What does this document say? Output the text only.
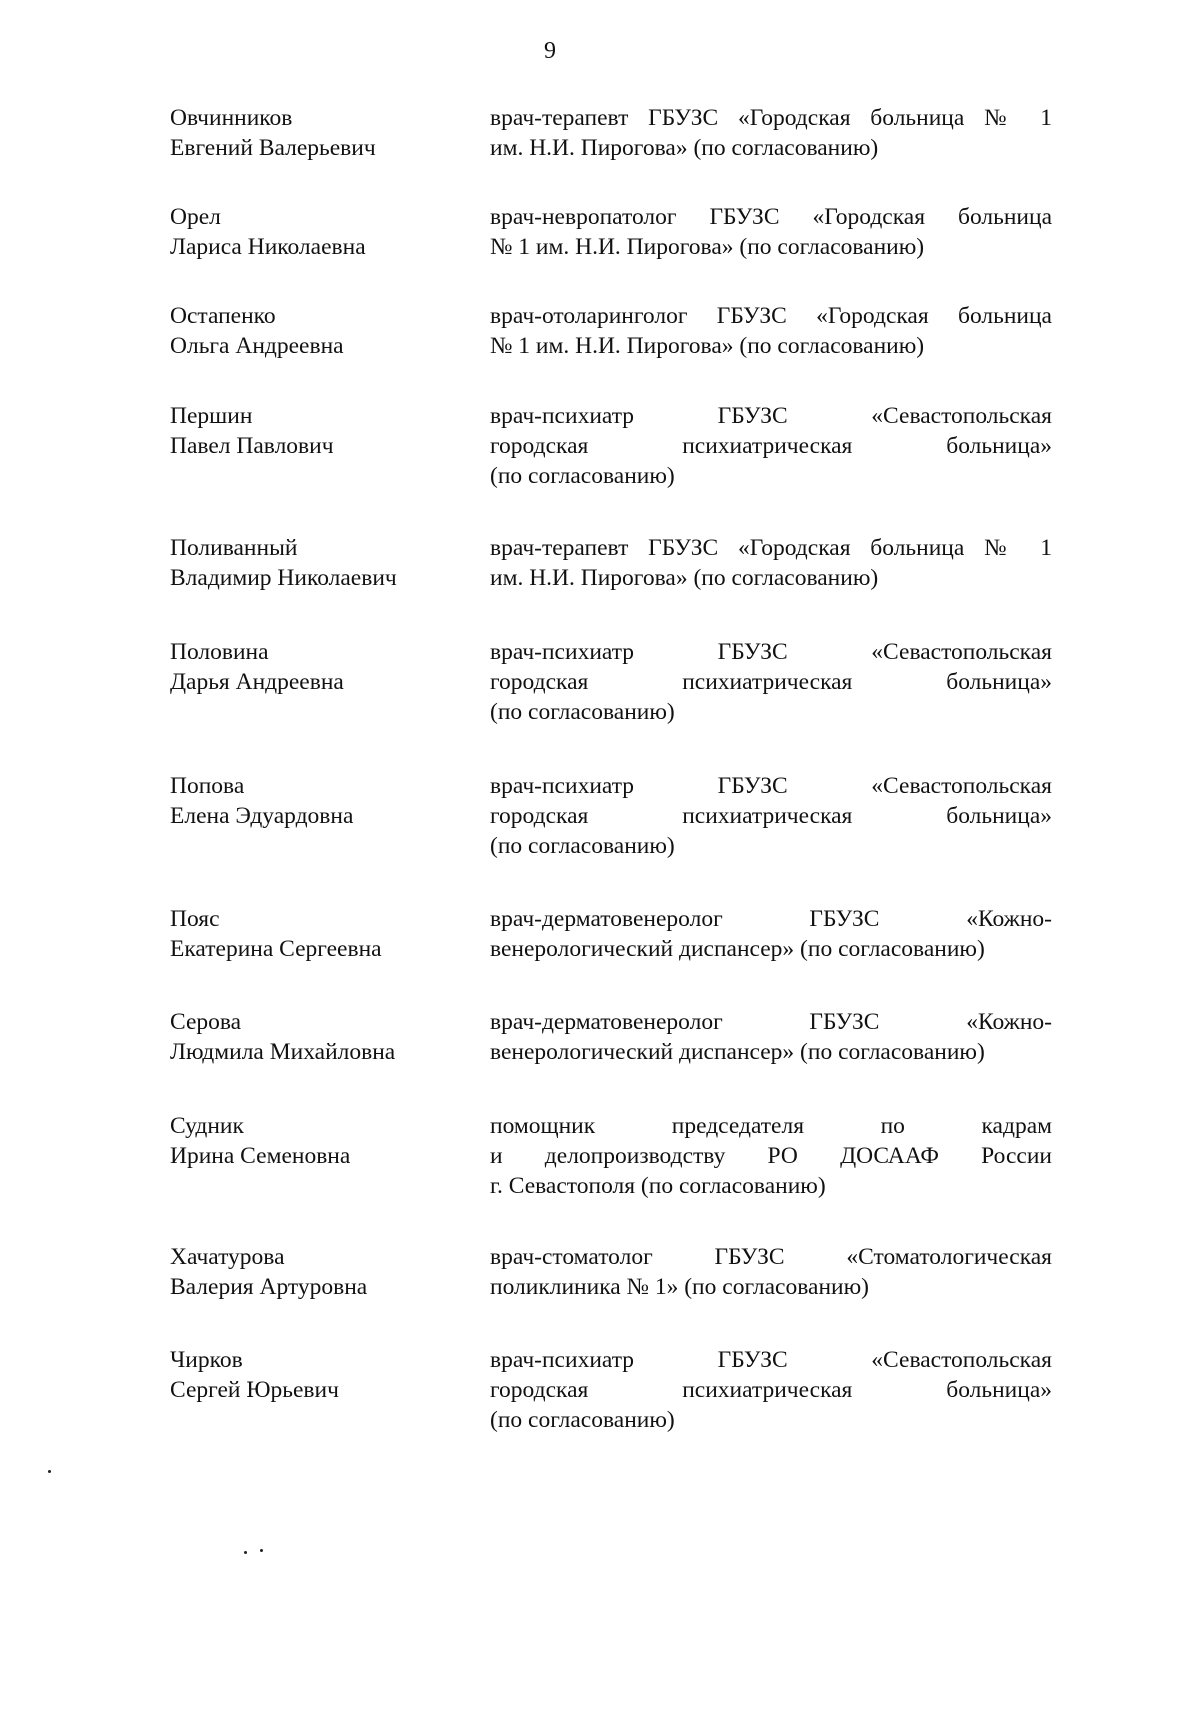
9
Овчинников
Евгений Валерьевич
врач-терапевт ГБУЗС «Городская больница № 1
им. Н.И. Пирогова» (по согласованию)
Орел
Лариса Николаевна
врач-невропатолог ГБУЗС «Городская больница
№ 1 им. Н.И. Пирогова» (по согласованию)
Остапенко
Ольга Андреевна
врач-отоларинголог ГБУЗС «Городская больница
№ 1 им. Н.И. Пирогова» (по согласованию)
Першин
Павел Павлович
врач-психиатр ГБУЗС «Севастопольская
городская психиатрическая больница»
(по согласованию)
Поливанный
Владимир Николаевич
врач-терапевт ГБУЗС «Городская больница № 1
им. Н.И. Пирогова» (по согласованию)
Половина
Дарья Андреевна
врач-психиатр ГБУЗС «Севастопольская
городская психиатрическая больница»
(по согласованию)
Попова
Елена Эдуардовна
врач-психиатр ГБУЗС «Севастопольская
городская психиатрическая больница»
(по согласованию)
Пояс
Екатерина Сергеевна
врач-дерматовенеролог ГБУЗС «Кожно-
венерологический диспансер» (по согласованию)
Серова
Людмила Михайловна
врач-дерматовенеролог ГБУЗС «Кожно-
венерологический диспансер» (по согласованию)
Судник
Ирина Семеновна
помощник председателя по кадрам
и делопроизводству РО ДОСААФ России
г. Севастополя (по согласованию)
Хачатурова
Валерия Артуровна
врач-стоматолог ГБУЗС «Стоматологическая
поликлиника № 1» (по согласованию)
Чирков
Сергей Юрьевич
врач-психиатр ГБУЗС «Севастопольская
городская психиатрическая больница»
(по согласованию)
